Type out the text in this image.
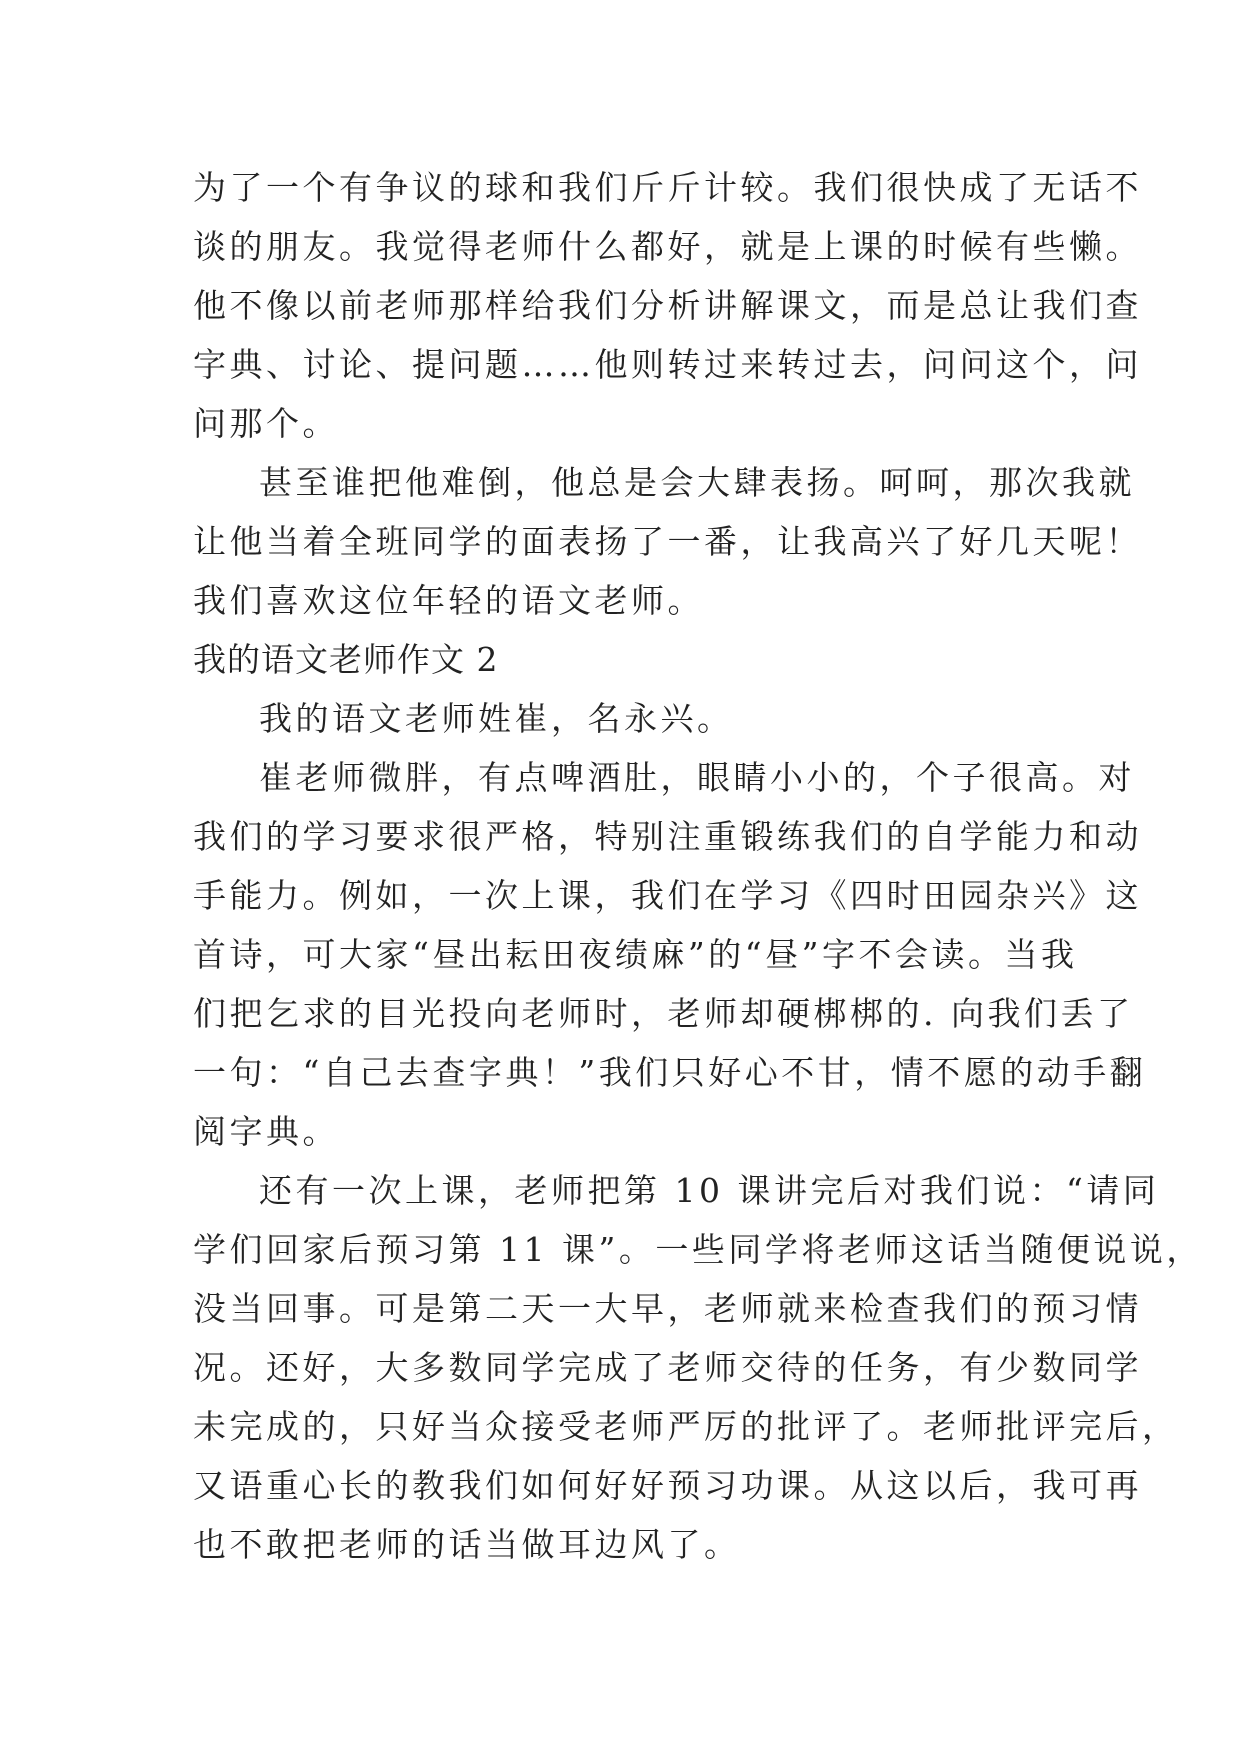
为了一个有争议的球和我们斤斤计较。我们很快成了无话不
谈的朋友。我觉得老师什么都好，就是上课的时候有些懒。
他不像以前老师那样给我们分析讲解课文，而是总让我们查
字典、讨论、提问题……他则转过来转过去，问问这个，问
问那个。
甚至谁把他难倒，他总是会大肆表扬。呵呵，那次我就
让他当着全班同学的面表扬了一番，让我高兴了好几天呢！
我们喜欢这位年轻的语文老师。
我的语文老师作文 2
我的语文老师姓崔，名永兴。
崔老师微胖，有点啤酒肚，眼睛小小的，个子很高。对
我们的学习要求很严格，特别注重锻练我们的自学能力和动
手能力。例如，一次上课，我们在学习《四时田园杂兴》这
首诗，可大家“昼出耘田夜绩麻”的“昼”字不会读。当我
们把乞求的目光投向老师时，老师却硬梆梆的. 向我们丢了
一句：“自己去查字典！”我们只好心不甘，情不愿的动手翻
阅字典。
还有一次上课，老师把第 10 课讲完后对我们说：“请同
学们回家后预习第 11 课”。一些同学将老师这话当随便说说，
没当回事。可是第二天一大早，老师就来检查我们的预习情
况。还好，大多数同学完成了老师交待的任务，有少数同学
未完成的，只好当众接受老师严厉的批评了。老师批评完后，
又语重心长的教我们如何好好预习功课。从这以后，我可再
也不敢把老师的话当做耳边风了。
